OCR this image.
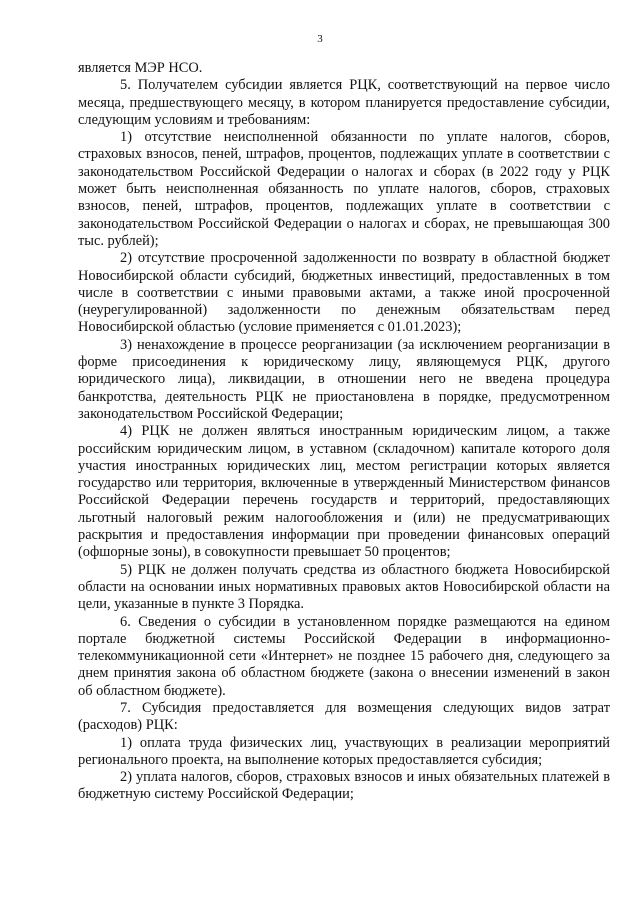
3

является МЭР НСО.

5. Получателем субсидии является РЦК, соответствующий на первое число месяца, предшествующего месяцу, в котором планируется предоставление субсидии, следующим условиям и требованиям:

1) отсутствие неисполненной обязанности по уплате налогов, сборов, страховых взносов, пеней, штрафов, процентов, подлежащих уплате в соответствии с законодательством Российской Федерации о налогах и сборах (в 2022 году у РЦК может быть неисполненная обязанность по уплате налогов, сборов, страховых взносов, пеней, штрафов, процентов, подлежащих уплате в соответствии с законодательством Российской Федерации о налогах и сборах, не превышающая 300 тыс. рублей);

2) отсутствие просроченной задолженности по возврату в областной бюджет Новосибирской области субсидий, бюджетных инвестиций, предоставленных в том числе в соответствии с иными правовыми актами, а также иной просроченной (неурегулированной) задолженности по денежным обязательствам перед Новосибирской областью (условие применяется с 01.01.2023);

3) ненахождение в процессе реорганизации (за исключением реорганизации в форме присоединения к юридическому лицу, являющемуся РЦК, другого юридического лица), ликвидации, в отношении него не введена процедура банкротства, деятельность РЦК не приостановлена в порядке, предусмотренном законодательством Российской Федерации;

4) РЦК не должен являться иностранным юридическим лицом, а также российским юридическим лицом, в уставном (складочном) капитале которого доля участия иностранных юридических лиц, местом регистрации которых является государство или территория, включенные в утвержденный Министерством финансов Российской Федерации перечень государств и территорий, предоставляющих льготный налоговый режим налогообложения и (или) не предусматривающих раскрытия и предоставления информации при проведении финансовых операций (офшорные зоны), в совокупности превышает 50 процентов;

5) РЦК не должен получать средства из областного бюджета Новосибирской области на основании иных нормативных правовых актов Новосибирской области на цели, указанные в пункте 3 Порядка.

6. Сведения о субсидии в установленном порядке размещаются на едином портале бюджетной системы Российской Федерации в информационно-телекоммуникационной сети «Интернет» не позднее 15 рабочего дня, следующего за днем принятия закона об областном бюджете (закона о внесении изменений в закон об областном бюджете).

7. Субсидия предоставляется для возмещения следующих видов затрат (расходов) РЦК:

1) оплата труда физических лиц, участвующих в реализации мероприятий регионального проекта, на выполнение которых предоставляется субсидия;

2) уплата налогов, сборов, страховых взносов и иных обязательных платежей в бюджетную систему Российской Федерации;
